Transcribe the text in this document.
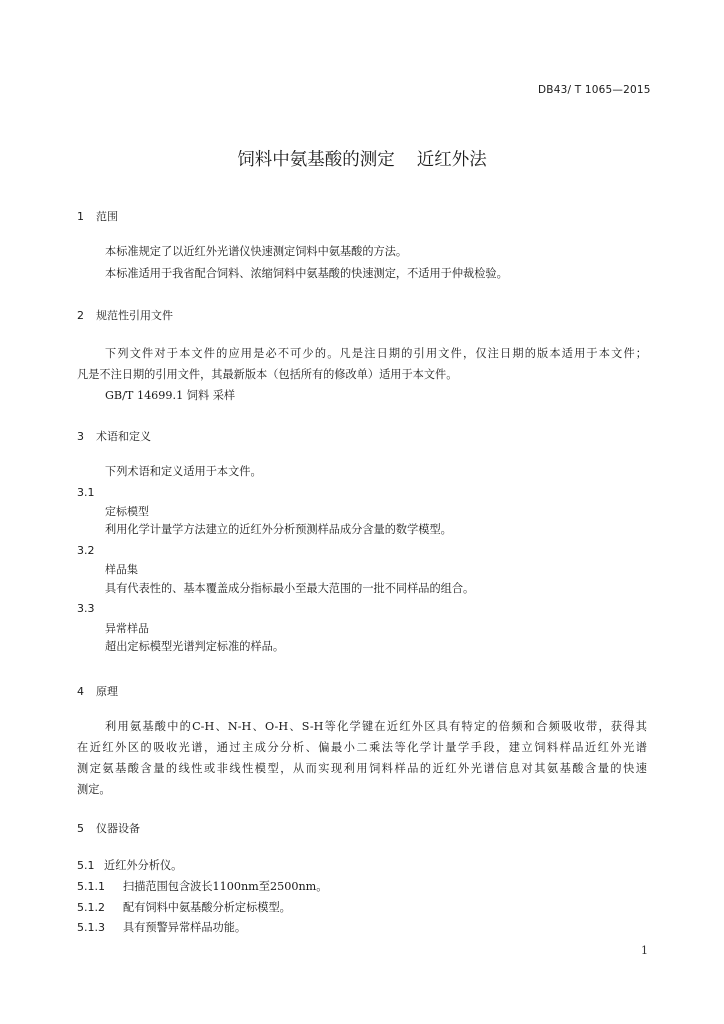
DB43/ T 1065—2015
饲料中氨基酸的测定 近红外法
1 范围
本标准规定了以近红外光谱仪快速测定饲料中氨基酸的方法。
本标准适用于我省配合饲料、浓缩饲料中氨基酸的快速测定，不适用于仲裁检验。
2 规范性引用文件
下列文件对于本文件的应用是必不可少的。凡是注日期的引用文件，仅注日期的版本适用于本文件；
凡是不注日期的引用文件，其最新版本（包括所有的修改单）适用于本文件。
GB/T 14699.1 饲料 采样
3 术语和定义
下列术语和定义适用于本文件。
3.1
定标模型
利用化学计量学方法建立的近红外分析预测样品成分含量的数学模型。
3.2
样品集
具有代表性的、基本覆盖成分指标最小至最大范围的一批不同样品的组合。
3.3
异常样品
超出定标模型光谱判定标准的样品。
4 原理
利用氨基酸中的C-H、N-H、O-H、S-H等化学键在近红外区具有特定的倍频和合频吸收带，获得其
在近红外区的吸收光谱，通过主成分分析、偏最小二乘法等化学计量学手段，建立饲料样品近红外光谱
测定氨基酸含量的线性或非线性模型，从而实现利用饲料样品的近红外光谱信息对其氨基酸含量的快速
测定。
5 仪器设备
5.1 近红外分析仪。
5.1.1 扫描范围包含波长1100nm至2500nm。
5.1.2 配有饲料中氨基酸分析定标模型。
5.1.3 具有预警异常样品功能。
1
